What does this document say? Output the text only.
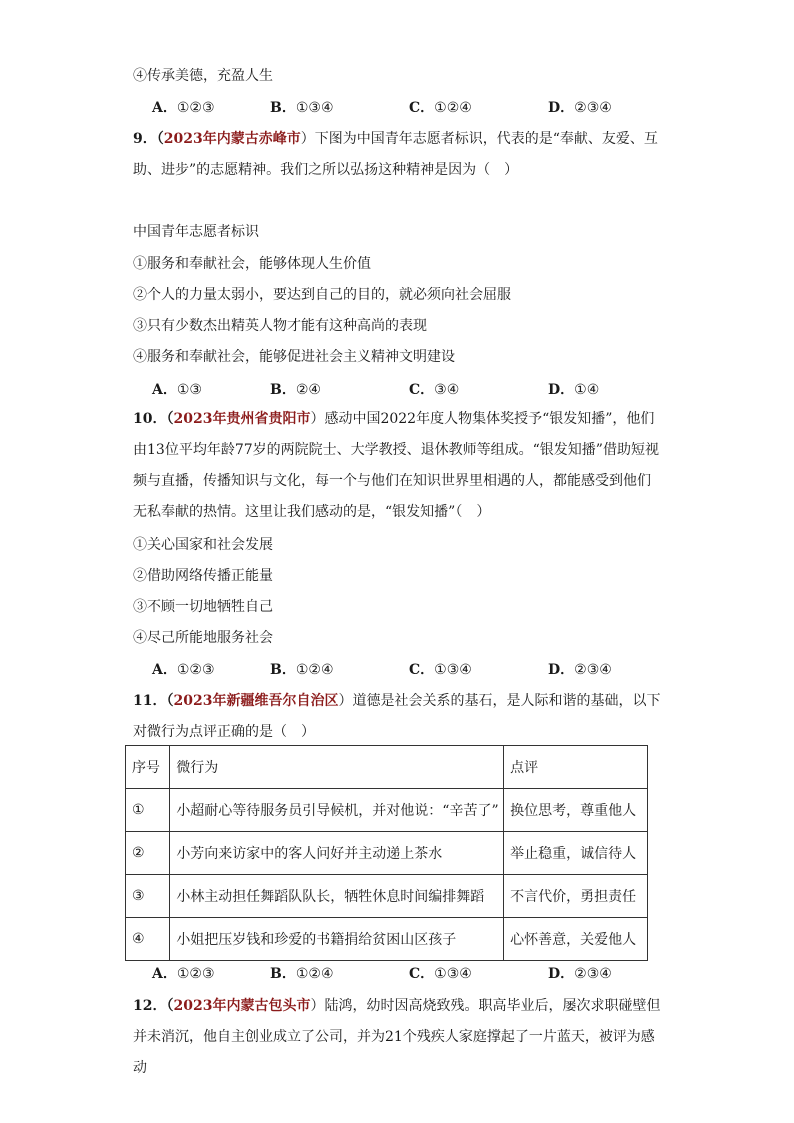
④传承美德，充盈人生
A．①②③	B．①③④	C．①②④	D．②③④
9．（2023年内蒙古赤峰市）下图为中国青年志愿者标识，代表的是“奉献、友爱、互助、进步”的志愿精神。我们之所以弘扬这种精神是因为（　）
中国青年志愿者标识
①服务和奉献社会，能够体现人生价值
②个人的力量太弱小，要达到自己的目的，就必须向社会屈服
③只有少数杰出精英人物才能有这种高尚的表现
④服务和奉献社会，能够促进社会主义精神文明建设
A．①③	B．②④	C．③④	D．①④
10．（2023年贵州省贵阳市）感动中国2022年度人物集体奖授予“银发知播”，他们由13位平均年龄77岁的两院院士、大学教授、退休教师等组成。“银发知播”借助短视频与直播，传播知识与文化，每一个与他们在知识世界里相遇的人，都能感受到他们无私奉献的热情。这里让我们感动的是，“银发知播”（　）
①关心国家和社会发展
②借助网络传播正能量
③不顾一切地牺牲自己
④尽己所能地服务社会
A．①②③	B．①②④	C．①③④	D．②③④
11．（2023年新疆维吾尔自治区）道德是社会关系的基石，是人际和谐的基础，以下对微行为点评正确的是（　）
序号	微行为	点评
①	小超耐心等待服务员引导候机，并对他说：“辛苦了”	换位思考，尊重他人
②	小芳向来访家中的客人问好并主动递上茶水	举止稳重，诚信待人
③	小林主动担任舞蹈队队长，牺牲休息时间编排舞蹈	不言代价，勇担责任
④	小姐把压岁钱和珍爱的书籍捐给贫困山区孩子	心怀善意，关爱他人
A．①②③	B．①②④	C．①③④	D．②③④
12．（2023年内蒙古包头市）陆鸿，幼时因高烧致残。职高毕业后，屡次求职碰壁但并未消沉，他自主创业成立了公司，并为21个残疾人家庭撑起了一片蓝天，被评为感动
